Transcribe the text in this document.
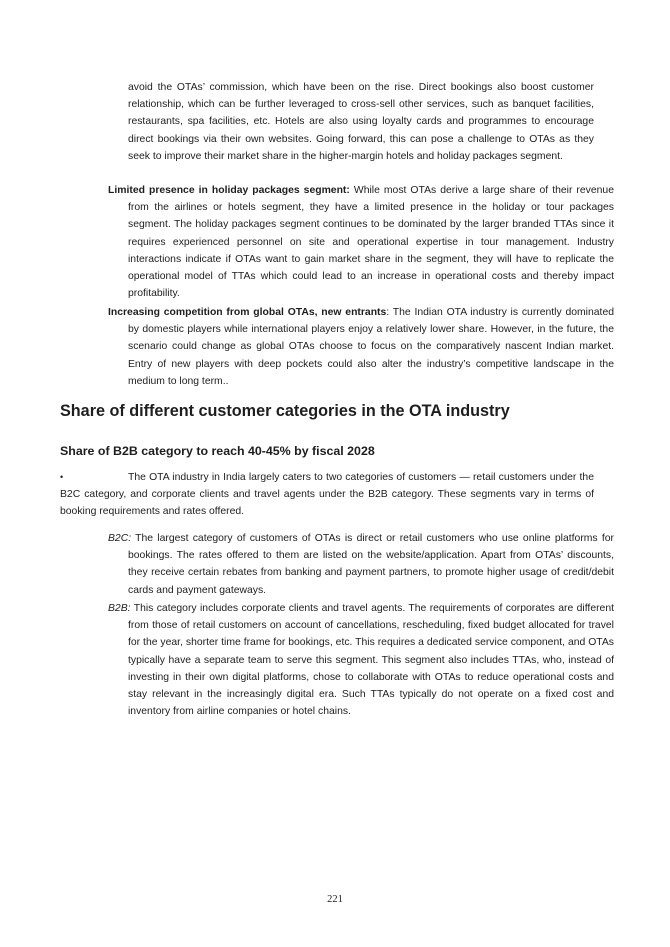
avoid the OTAs’ commission, which have been on the rise. Direct bookings also boost customer relationship, which can be further leveraged to cross-sell other services, such as banquet facilities, restaurants, spa facilities, etc. Hotels are also using loyalty cards and programmes to encourage direct bookings via their own websites. Going forward, this can pose a challenge to OTAs as they seek to improve their market share in the higher-margin hotels and holiday packages segment.

Limited presence in holiday packages segment: While most OTAs derive a large share of their revenue from the airlines or hotels segment, they have a limited presence in the holiday or tour packages segment. The holiday packages segment continues to be dominated by the larger branded TTAs since it requires experienced personnel on site and operational expertise in tour management. Industry interactions indicate if OTAs want to gain market share in the segment, they will have to replicate the operational model of TTAs which could lead to an increase in operational costs and thereby impact profitability.

Increasing competition from global OTAs, new entrants: The Indian OTA industry is currently dominated by domestic players while international players enjoy a relatively lower share. However, in the future, the scenario could change as global OTAs choose to focus on the comparatively nascent Indian market. Entry of new players with deep pockets could also alter the industry’s competitive landscape in the medium to long term..

Share of different customer categories in the OTA industry
Share of B2B category to reach 40-45% by fiscal 2028

•	The OTA industry in India largely caters to two categories of customers — retail customers under the B2C category, and corporate clients and travel agents under the B2B category. These segments vary in terms of booking requirements and rates offered.

B2C: The largest category of customers of OTAs is direct or retail customers who use online platforms for bookings. The rates offered to them are listed on the website/application. Apart from OTAs’ discounts, they receive certain rebates from banking and payment partners, to promote higher usage of credit/debit cards and payment gateways.

B2B: This category includes corporate clients and travel agents. The requirements of corporates are different from those of retail customers on account of cancellations, rescheduling, fixed budget allocated for travel for the year, shorter time frame for bookings, etc. This requires a dedicated service component, and OTAs typically have a separate team to serve this segment. This segment also includes TTAs, who, instead of investing in their own digital platforms, chose to collaborate with OTAs to reduce operational costs and stay relevant in the increasingly digital era. Such TTAs typically do not operate on a fixed cost and inventory from airline companies or hotel chains.

221
